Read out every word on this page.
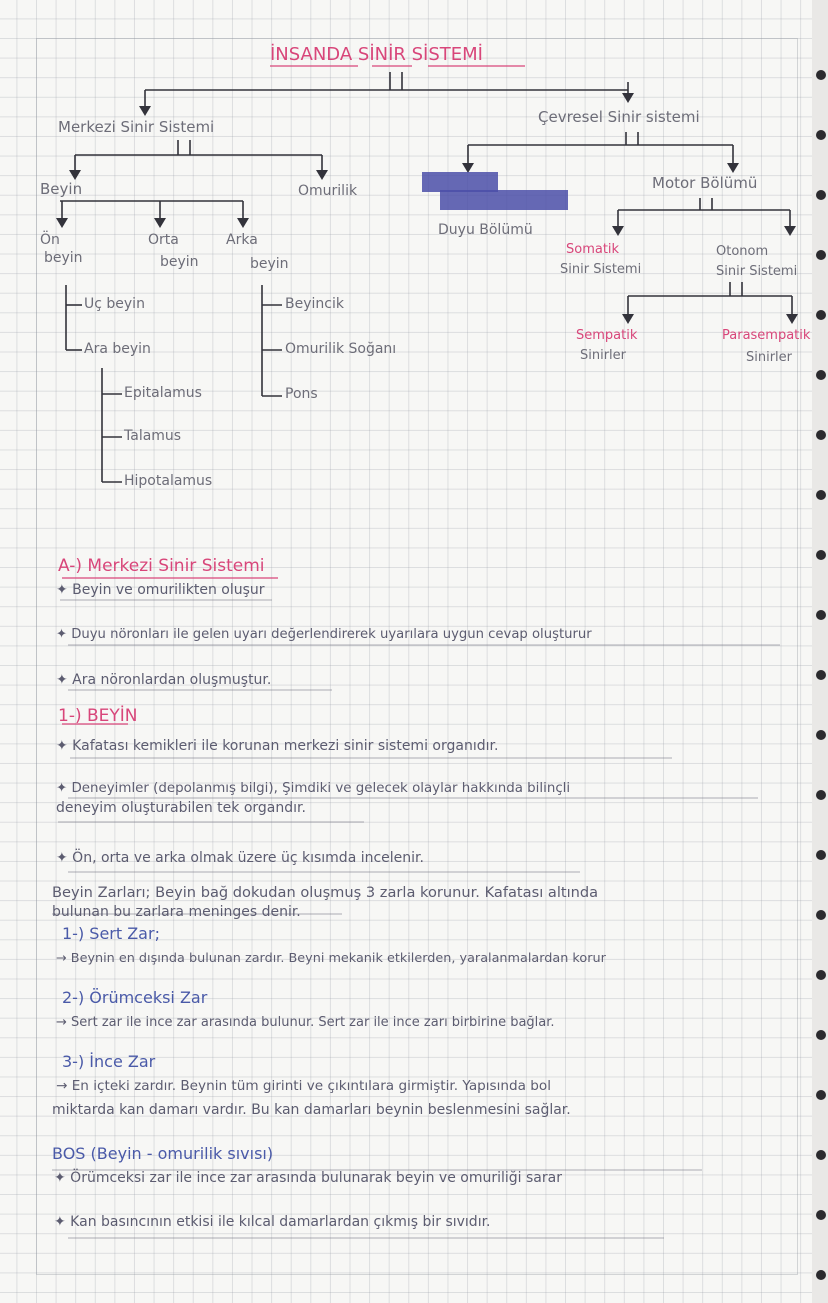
İNSANDA SİNİR SİSTEMİ
Merkezi Sinir Sistemi
Çevresel Sinir sistemi
Beyin	Omurilik
Ön
beyin
Orta
beyin
Arka
beyin
Uç beyin
Ara beyin
Epitalamus
Talamus
Hipotalamus
Beyincik
Omurilik Soğanı
Pons
Duyu Bölümü
Motor Bölümü
Somatik
Sinir Sistemi
Otonom
Sinir Sistemi
Sempatik
Sinirler
Parasempatik
Sinirler
A-) Merkezi Sinir Sistemi
✦ Beyin ve omurilikten oluşur
✦ Duyu nöronları ile gelen uyarı değerlendirerek uyarılara uygun cevap oluşturur
✦ Ara nöronlardan oluşmuştur.
1-) BEYİN
✦ Kafatası kemikleri ile korunan merkezi sinir sistemi organıdır.
✦ Deneyimler (depolanmış bilgi), Şimdiki ve gelecek olaylar hakkında bilinçli
deneyim oluşturabilen tek organdır.
✦ Ön, orta ve arka olmak üzere üç kısımda incelenir.
Beyin Zarları; Beyin bağ dokudan oluşmuş 3 zarla korunur. Kafatası altında
bulunan bu zarlara meninges denir.
1-) Sert Zar;
→ Beynin en dışında bulunan zardır. Beyni mekanik etkilerden, yaralanmalardan korur
2-) Örümceksi Zar
→ Sert zar ile ince zar arasında bulunur. Sert zar ile ince zarı birbirine bağlar.
3-) İnce Zar
→ En içteki zardır. Beynin tüm girinti ve çıkıntılara girmiştir. Yapısında bol
miktarda kan damarı vardır. Bu kan damarları beynin beslenmesini sağlar.
BOS (Beyin - omurilik sıvısı)
✦ Örümceksi zar ile ince zar arasında bulunarak beyin ve omuriliği sarar
✦ Kan basıncının etkisi ile kılcal damarlardan çıkmış bir sıvıdır.
